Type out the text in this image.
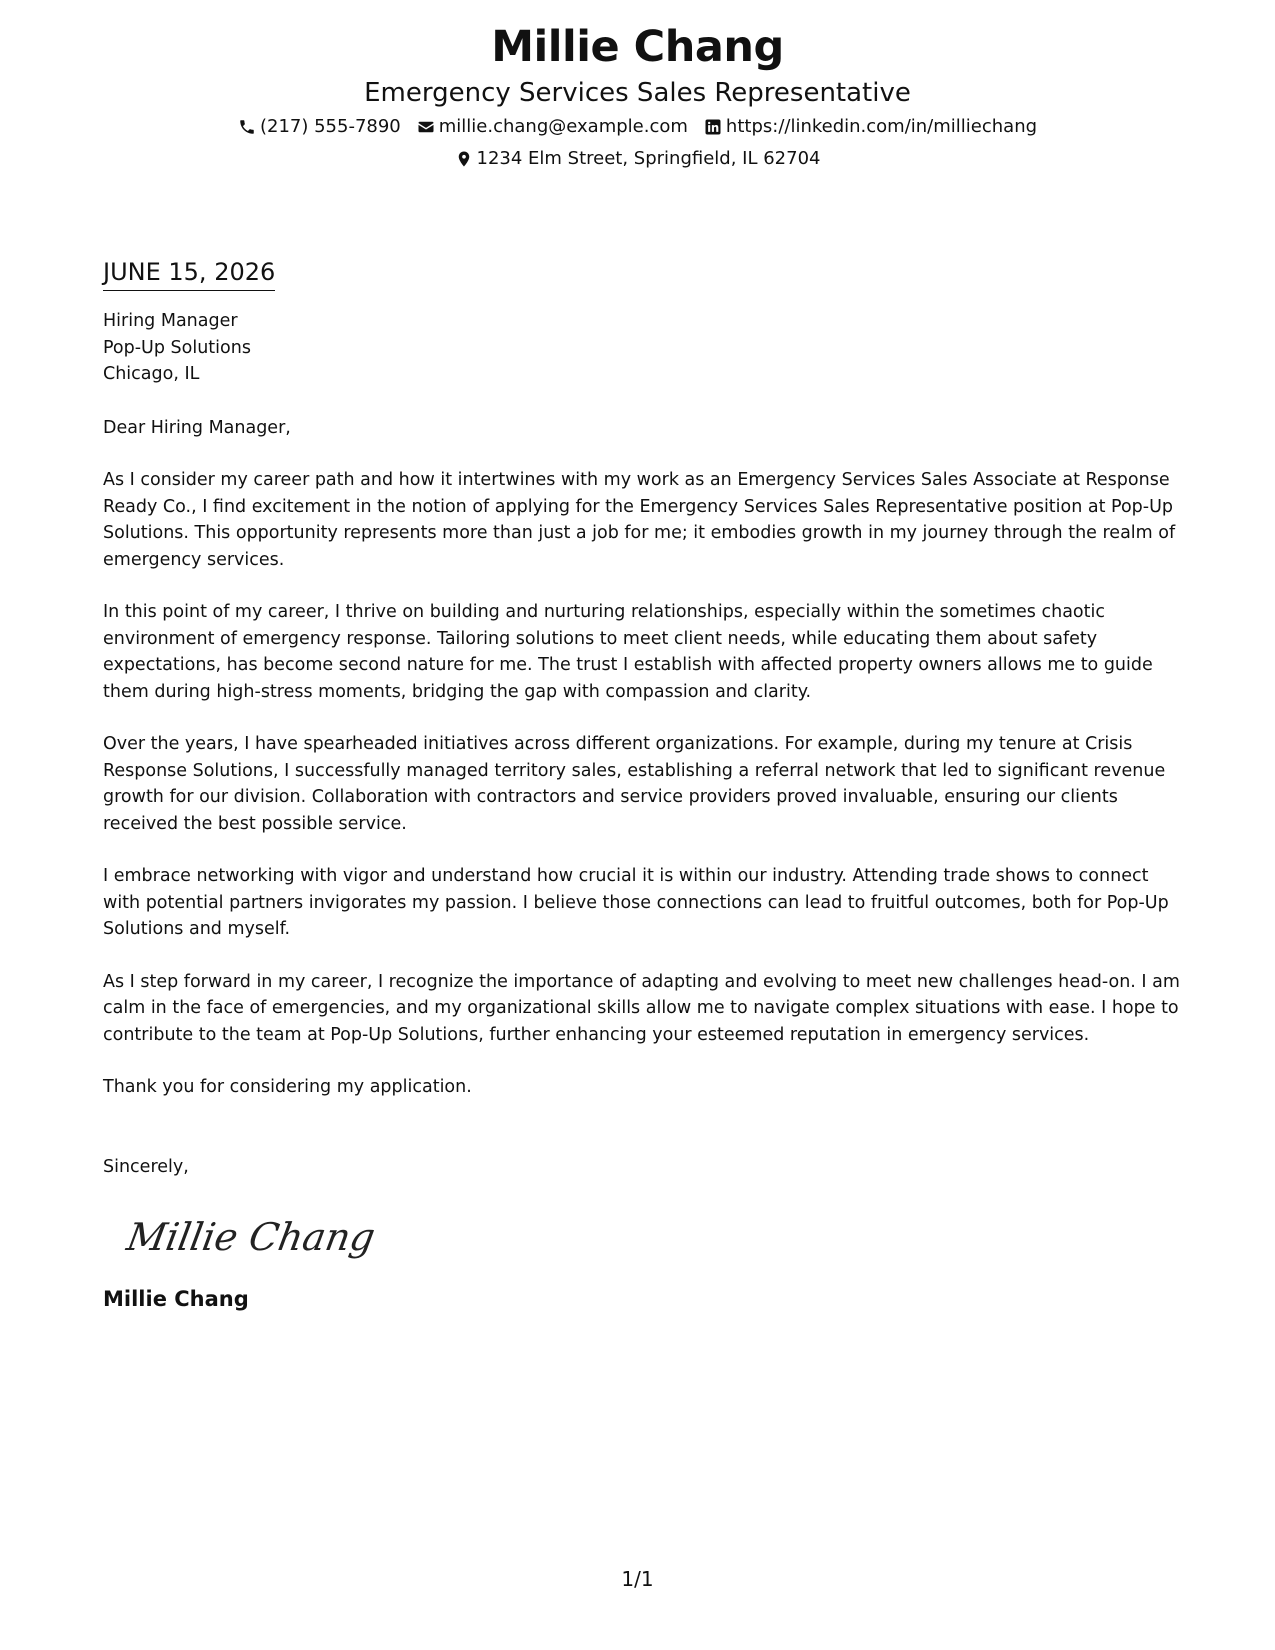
Millie Chang
Emergency Services Sales Representative
(217) 555-7890 millie.chang@example.com https://linkedin.com/in/milliechang
1234 Elm Street, Springfield, IL 62704
JUNE 15, 2026
Hiring Manager
Pop-Up Solutions
Chicago, IL
Dear Hiring Manager,
As I consider my career path and how it intertwines with my work as an Emergency Services Sales Associate at Response Ready Co., I find excitement in the notion of applying for the Emergency Services Sales Representative position at Pop-Up Solutions. This opportunity represents more than just a job for me; it embodies growth in my journey through the realm of emergency services.
In this point of my career, I thrive on building and nurturing relationships, especially within the sometimes chaotic environment of emergency response. Tailoring solutions to meet client needs, while educating them about safety expectations, has become second nature for me. The trust I establish with affected property owners allows me to guide them during high-stress moments, bridging the gap with compassion and clarity.
Over the years, I have spearheaded initiatives across different organizations. For example, during my tenure at Crisis Response Solutions, I successfully managed territory sales, establishing a referral network that led to significant revenue growth for our division. Collaboration with contractors and service providers proved invaluable, ensuring our clients received the best possible service.
I embrace networking with vigor and understand how crucial it is within our industry. Attending trade shows to connect with potential partners invigorates my passion. I believe those connections can lead to fruitful outcomes, both for Pop-Up Solutions and myself.
As I step forward in my career, I recognize the importance of adapting and evolving to meet new challenges head-on. I am calm in the face of emergencies, and my organizational skills allow me to navigate complex situations with ease. I hope to contribute to the team at Pop-Up Solutions, further enhancing your esteemed reputation in emergency services.
Thank you for considering my application.
Sincerely,
Millie Chang
Millie Chang
1/1
